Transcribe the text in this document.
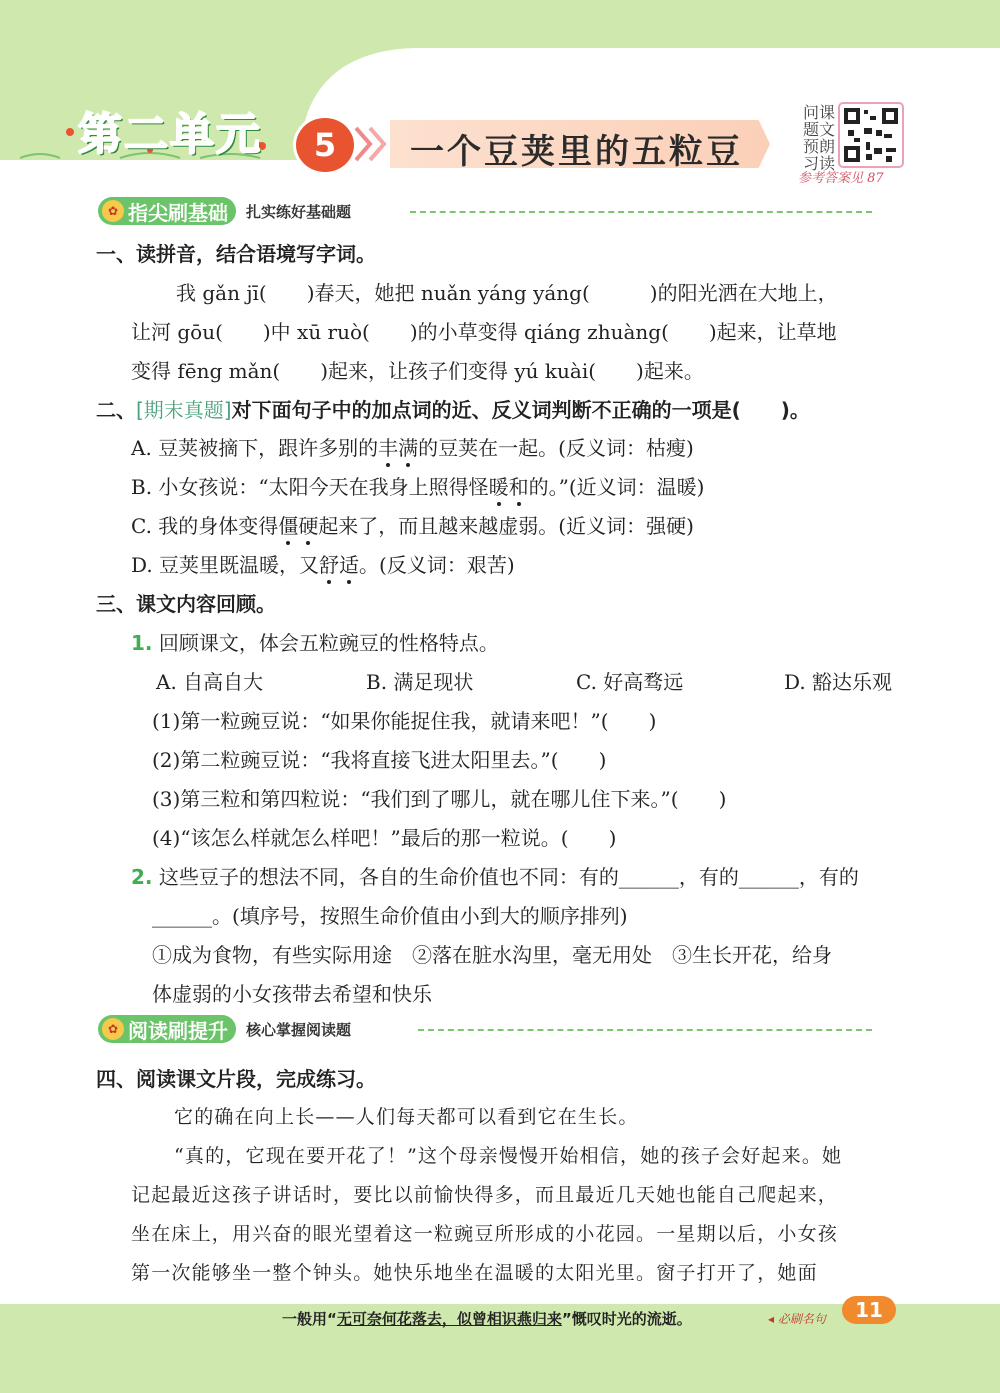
第二单元	5	一个豆荚里的五粒豆
问题预习
课文朗读
参考答案见 87
✿ 指尖刷基础 扎实练好基础题
一、读拼音，结合语境写字词。
我 gǎn jī(　　)春天，她把 nuǎn yáng yáng(　　　)的阳光洒在大地上，
让河 gōu(　　)中 xū ruò(　　)的小草变得 qiáng zhuàng(　　)起来，让草地
变得 fēng mǎn(　　)起来，让孩子们变得 yú kuài(　　)起来。
二、[期末真题]对下面句子中的加点词的近、反义词判断不正确的一项是(　　)。
A. 豆荚被摘下，跟许多别的丰满的豆荚在一起。(反义词：枯瘦)
B. 小女孩说：“太阳今天在我身上照得怪暖和的。”(近义词：温暖)
C. 我的身体变得僵硬起来了，而且越来越虚弱。(近义词：强硬)
D. 豆荚里既温暖，又舒适。(反义词：艰苦)
三、课文内容回顾。
1. 回顾课文，体会五粒豌豆的性格特点。
A. 自高自大	B. 满足现状	C. 好高骛远	D. 豁达乐观
(1)第一粒豌豆说：“如果你能捉住我，就请来吧！”(　　)
(2)第二粒豌豆说：“我将直接飞进太阳里去。”(　　)
(3)第三粒和第四粒说：“我们到了哪儿，就在哪儿住下来。”(　　)
(4)“该怎么样就怎么样吧！”最后的那一粒说。(　　)
2. 这些豆子的想法不同，各自的生命价值也不同：有的______，有的______，有的
______。(填序号，按照生命价值由小到大的顺序排列)
①成为食物，有些实际用途　②落在脏水沟里，毫无用处　③生长开花，给身
体虚弱的小女孩带去希望和快乐
✿ 阅读刷提升 核心掌握阅读题
四、阅读课文片段，完成练习。
它的确在向上长——人们每天都可以看到它在生长。
“真的，它现在要开花了！”这个母亲慢慢开始相信，她的孩子会好起来。她
记起最近这孩子讲话时，要比以前愉快得多，而且最近几天她也能自己爬起来，
坐在床上，用兴奋的眼光望着这一粒豌豆所形成的小花园。一星期以后，小女孩
第一次能够坐一整个钟头。她快乐地坐在温暖的太阳光里。窗子打开了，她面
一般用“无可奈何花落去，似曾相识燕归来”慨叹时光的流逝。	◂ 必刷名句	11
